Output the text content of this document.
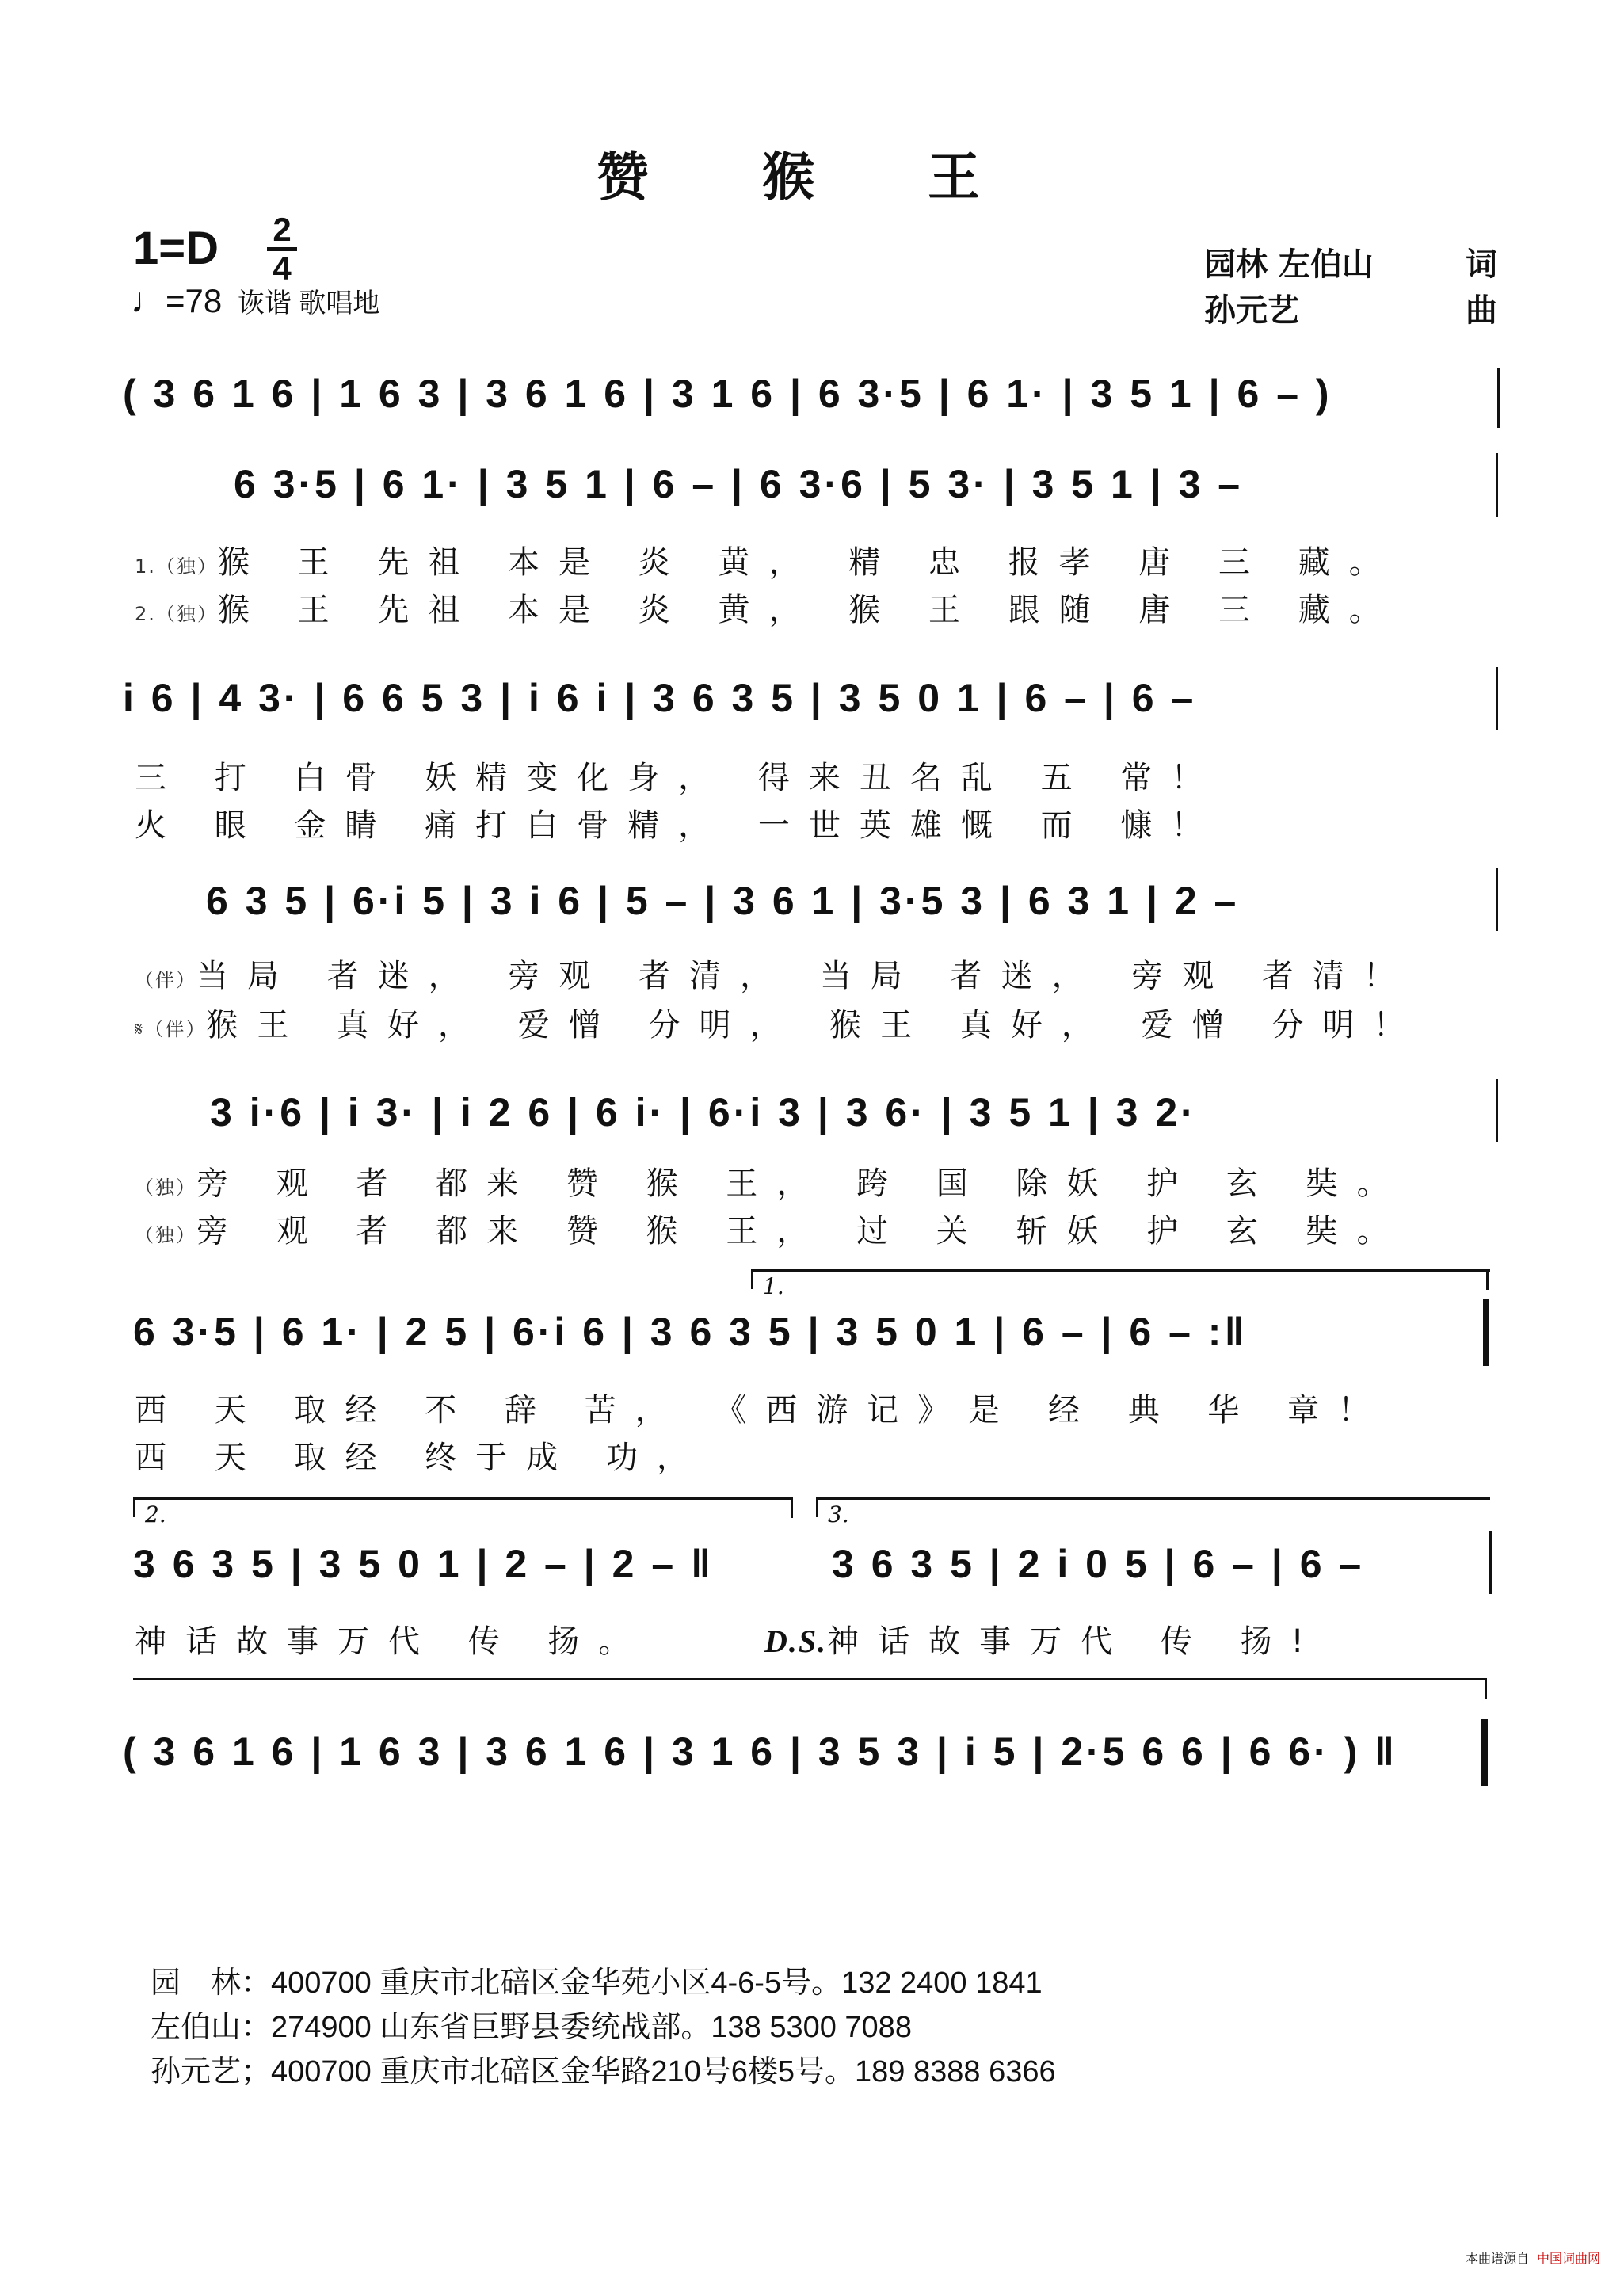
赞 猴 王
1=D 2
4
♩=78 诙谐 歌唱地
园林 左伯山	词
孙元艺	曲
( 3 6 1 6 | 1 6 3 | 3 6 1 6 | 3 1 6 | 6 3·5 | 6 1· | 3 5 1 | 6 – )
6 3·5 | 6 1· | 3 5 1 | 6 – | 6 3·6 | 5 3· | 3 5 1 | 3 –
1.（独）猴 王 先祖 本是 炎 黄， 精 忠 报孝 唐 三 藏。
2.（独）猴 王 先祖 本是 炎 黄， 猴 王 跟随 唐 三 藏。
i 6 | 4 3· | 6 6 5 3 | i 6 i | 3 6 3 5 | 3 5 0 1 | 6 – | 6 –
三 打 白骨 妖精变化身， 得来丑名乱 五 常！
火 眼 金睛 痛打白骨精， 一世英雄慨 而 慷！
6 3 5 | 6·i 5 | 3 i 6 | 5 – | 3 6 1 | 3·5 3 | 6 3 1 | 2 –
（伴）当局 者迷， 旁观 者清， 当局 者迷， 旁观 者清！
𝄋（伴）猴王 真好， 爱憎 分明， 猴王 真好， 爱憎 分明！
3 i·6 | i 3· | i 2 6 | 6 i· | 6·i 3 | 3 6· | 3 5 1 | 3 2·
（独）旁 观 者 都来 赞 猴 王， 跨 国 除妖 护 玄 奘。
（独）旁 观 者 都来 赞 猴 王， 过 关 斩妖 护 玄 奘。
1.
6 3·5 | 6 1· | 2 5 | 6·i 6 | 3 6 3 5 | 3 5 0 1 | 6 – | 6 – :‖
西 天 取经 不 辞 苦， 《西游记》是 经 典 华 章！
西 天 取经 终于成 功，
2.	3.
3 6 3 5 | 3 5 0 1 | 2 – | 2 – ‖	3 6 3 5 | 2 i 0 5 | 6 – | 6 –
神话故事万代 传 扬。	D.S.神话故事万代 传 扬!
( 3 6 1 6 | 1 6 3 | 3 6 1 6 | 3 1 6 | 3 5 3 | i 5 | 2·5 6 6 | 6 6· ) ‖
园　林：400700 重庆市北碚区金华苑小区4-6-5号。132 2400 1841
左伯山：274900 山东省巨野县委统战部。138 5300 7088
孙元艺；400700 重庆市北碚区金华路210号6楼5号。189 8388 6366
本曲谱源自 中国词曲网
